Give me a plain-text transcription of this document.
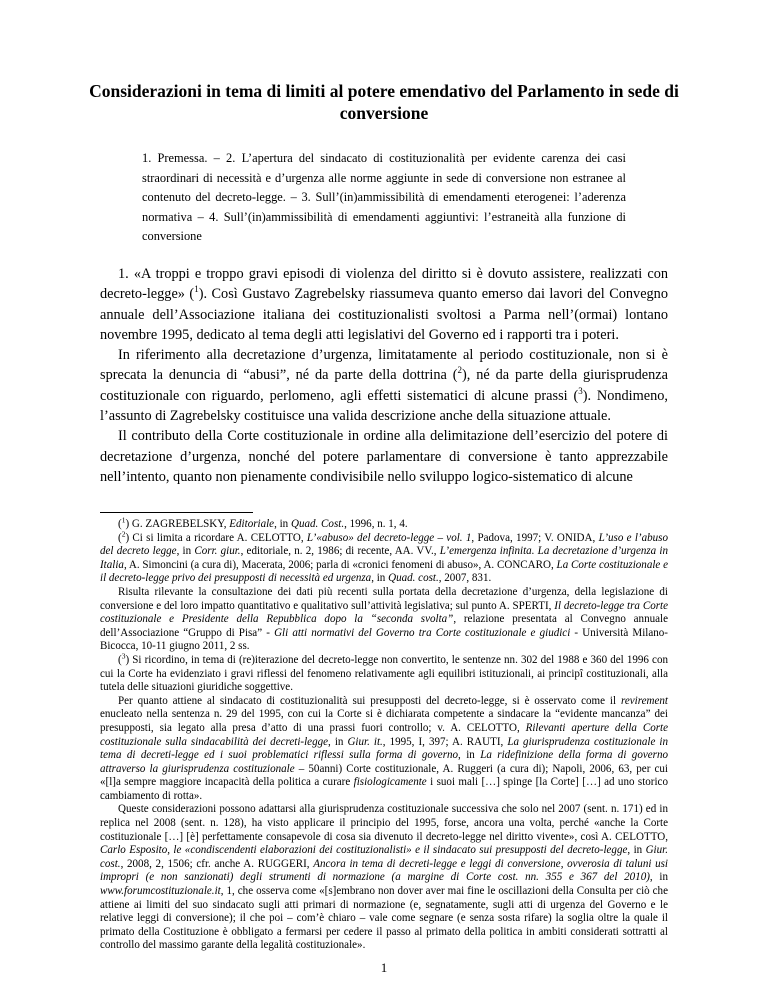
Considerazioni in tema di limiti al potere emendativo del Parlamento in sede di conversione

1. Premessa. – 2. L’apertura del sindacato di costituzionalità per evidente carenza dei casi straordinari di necessità e d’urgenza alle norme aggiunte in sede di conversione non estranee al contenuto del decreto-legge. – 3. Sull’(in)ammissibilità di emendamenti eterogenei: l’aderenza normativa – 4. Sull’(in)ammissibilità di emendamenti aggiuntivi: l’estraneità alla funzione di conversione

1. «A troppi e troppo gravi episodi di violenza del diritto si è dovuto assistere, realizzati con decreto-legge» ($^1$). Così Gustavo Zagrebelsky riassumeva quanto emerso dai lavori del Convegno annuale dell’Associazione italiana dei costituzionalisti svoltosi a Parma nell’(ormai) lontano novembre 1995, dedicato al tema degli atti legislativi del Governo ed i rapporti tra i poteri.

In riferimento alla decretazione d’urgenza, limitatamente al periodo costituzionale, non si è sprecata la denuncia di “abusi”, né da parte della dottrina ($^2$), né da parte della giurisprudenza costituzionale con riguardo, perlomeno, agli effetti sistematici di alcune prassi ($^3$). Nondimeno, l’assunto di Zagrebelsky costituisce una valida descrizione anche della situazione attuale.

Il contributo della Corte costituzionale in ordine alla delimitazione dell’esercizio del potere di decretazione d’urgenza, nonché del potere parlamentare di conversione è tanto apprezzabile nell’intento, quanto non pienamente condivisibile nello sviluppo logico-sistematico di alcune

($^1$) G. ZAGREBELSKY, Editoriale, in Quad. Cost., 1996, n. 1, 4.

($^2$) Ci si limita a ricordare A. CELOTTO, L’«abuso» del decreto-legge – vol. 1, Padova, 1997; V. ONIDA, L’uso e l’abuso del decreto legge, in Corr. giur., editoriale, n. 2, 1986; di recente, AA. VV., L’emergenza infinita. La decretazione d’urgenza in Italia, A. Simoncini (a cura di), Macerata, 2006; parla di «cronici fenomeni di abuso», A. CONCARO, La Corte costituzionale e il decreto-legge privo dei presupposti di necessità ed urgenza, in Quad. cost., 2007, 831.

Risulta rilevante la consultazione dei dati più recenti sulla portata della decretazione d’urgenza, della legislazione di conversione e del loro impatto quantitativo e qualitativo sull’attività legislativa; sul punto A. SPERTI, Il decreto-legge tra Corte costituzionale e Presidente della Repubblica dopo la “seconda svolta”, relazione presentata al Convegno annuale dell’Associazione “Gruppo di Pisa” - Gli atti normativi del Governo tra Corte costituzionale e giudici - Università Milano-Bicocca, 10-11 giugno 2011, 2 ss.

($^3$) Si ricordino, in tema di (re)iterazione del decreto-legge non convertito, le sentenze nn. 302 del 1988 e 360 del 1996 con cui la Corte ha evidenziato i gravi riflessi del fenomeno relativamente agli equilibri istituzionali, ai principî costituzionali, alla tutela delle situazioni giuridiche soggettive.

Per quanto attiene al sindacato di costituzionalità sui presupposti del decreto-legge, si è osservato come il revirement enucleato nella sentenza n. 29 del 1995, con cui la Corte si è dichiarata competente a sindacare la “evidente mancanza” dei presupposti, sia legato alla presa d’atto di una prassi fuori controllo; v. A. CELOTTO, Rilevanti aperture della Corte costituzionale sulla sindacabilità dei decreti-legge, in Giur. it., 1995, I, 397; A. RAUTI, La giurisprudenza costituzionale in tema di decreti-legge ed i suoi problematici riflessi sulla forma di governo, in La ridefinizione della forma di governo attraverso la giurisprudenza costituzionale – 50anni) Corte costituzionale, A. Ruggeri (a cura di); Napoli, 2006, 63, per cui «[l]a sempre maggiore incapacità della politica a curare fisiologicamente i suoi mali […] spinge [la Corte] […] ad uno storico cambiamento di rotta».

Queste considerazioni possono adattarsi alla giurisprudenza costituzionale successiva che solo nel 2007 (sent. n. 171) ed in replica nel 2008 (sent. n. 128), ha visto applicare il principio del 1995, forse, ancora una volta, perché «anche la Corte costituzionale […] [è] perfettamente consapevole di cosa sia divenuto il decreto-legge nel diritto vivente», così A. CELOTTO, Carlo Esposito, le «condiscendenti elaborazioni dei costituzionalisti» e il sindacato sui presupposti del decreto-legge, in Giur. cost., 2008, 2, 1506; cfr. anche A. RUGGERI, Ancora in tema di decreti-legge e leggi di conversione, ovverosia di taluni usi impropri (e non sanzionati) degli strumenti di normazione (a margine di Corte cost. nn. 355 e 367 del 2010), in www.forumcostituzionale.it, 1, che osserva come «[s]embrano non dover aver mai fine le oscillazioni della Consulta per ciò che attiene ai limiti del suo sindacato sugli atti primari di normazione (e, segnatamente, sugli atti di urgenza del Governo e le relative leggi di conversione); il che poi – com’è chiaro – vale come segnare (e senza sosta rifare) la soglia oltre la quale il primato della Costituzione è obbligato a fermarsi per cedere il passo al primato della politica in ambiti considerati sottratti al controllo del massimo garante della legalità costituzionale».

1
